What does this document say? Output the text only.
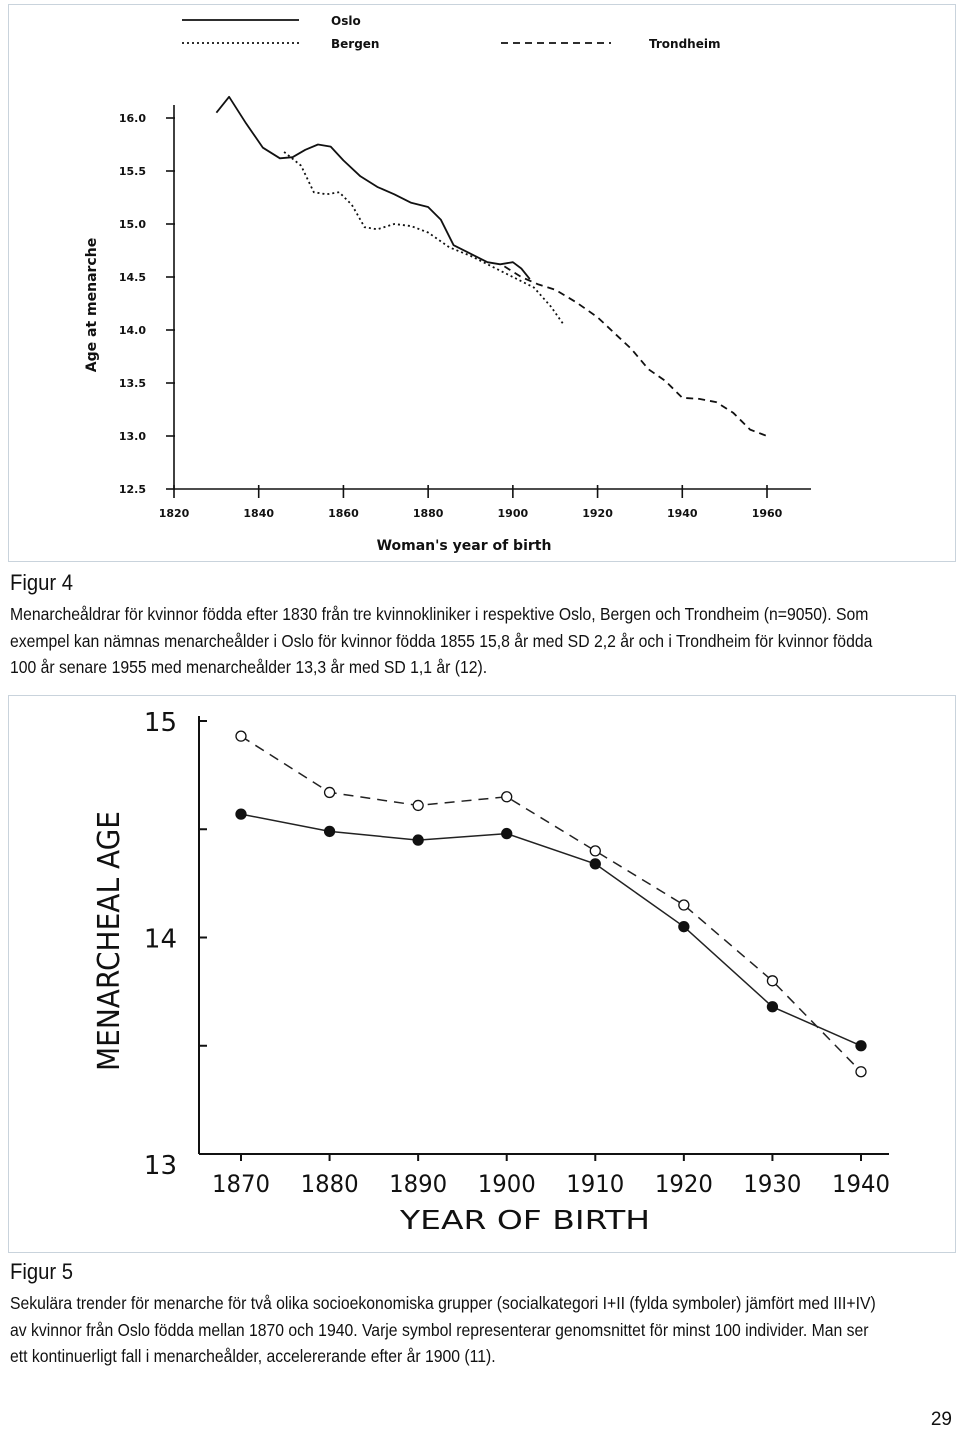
Oslo
Bergen	Trondheim
1820	1840	1860	1880	1900	1920	1940	1960
12.5
13.0
13.5
14.0
14.5
15.0
15.5
16.0
Woman's year of birth
Age at menarche
Figur 4
Menarcheåldrar för kvinnor födda efter 1830 från tre kvinnokliniker i respektive Oslo, Bergen och Trondheim (n=9050). Som
exempel kan nämnas menarcheålder i Oslo för kvinnor födda 1855 15,8 år med SD 2,2 år och i Trondheim för kvinnor födda
100 år senare 1955 med menarcheålder 13,3 år med SD 1,1 år (12).
1870 1880 1890 1900 1910 1920 1930 1940
13
14
15
YEAR OF BIRTH
MENARCHEAL AGE
Figur 5
Sekulära trender för menarche för två olika socioekonomiska grupper (socialkategori I+II (fylda symboler) jämfört med III+IV)
av kvinnor från Oslo födda mellan 1870 och 1940. Varje symbol representerar genomsnittet för minst 100 individer. Man ser
ett kontinuerligt fall i menarcheålder, accelererande efter år 1900 (11).
29
